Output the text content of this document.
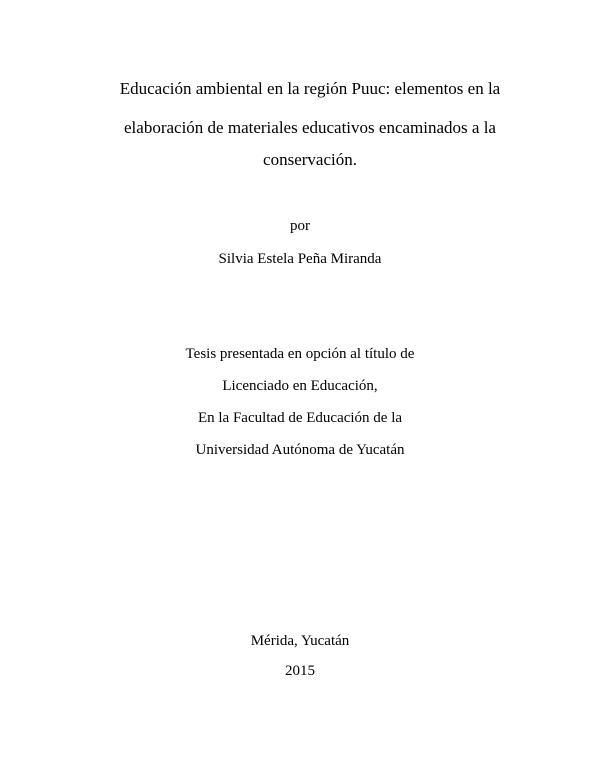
Educación ambiental en la región Puuc: elementos en la
elaboración de materiales educativos encaminados a la
conservación.
por
Silvia Estela Peña Miranda
Tesis presentada en opción al título de
Licenciado en Educación,
En la Facultad de Educación de la
Universidad Autónoma de Yucatán
Mérida, Yucatán
2015
